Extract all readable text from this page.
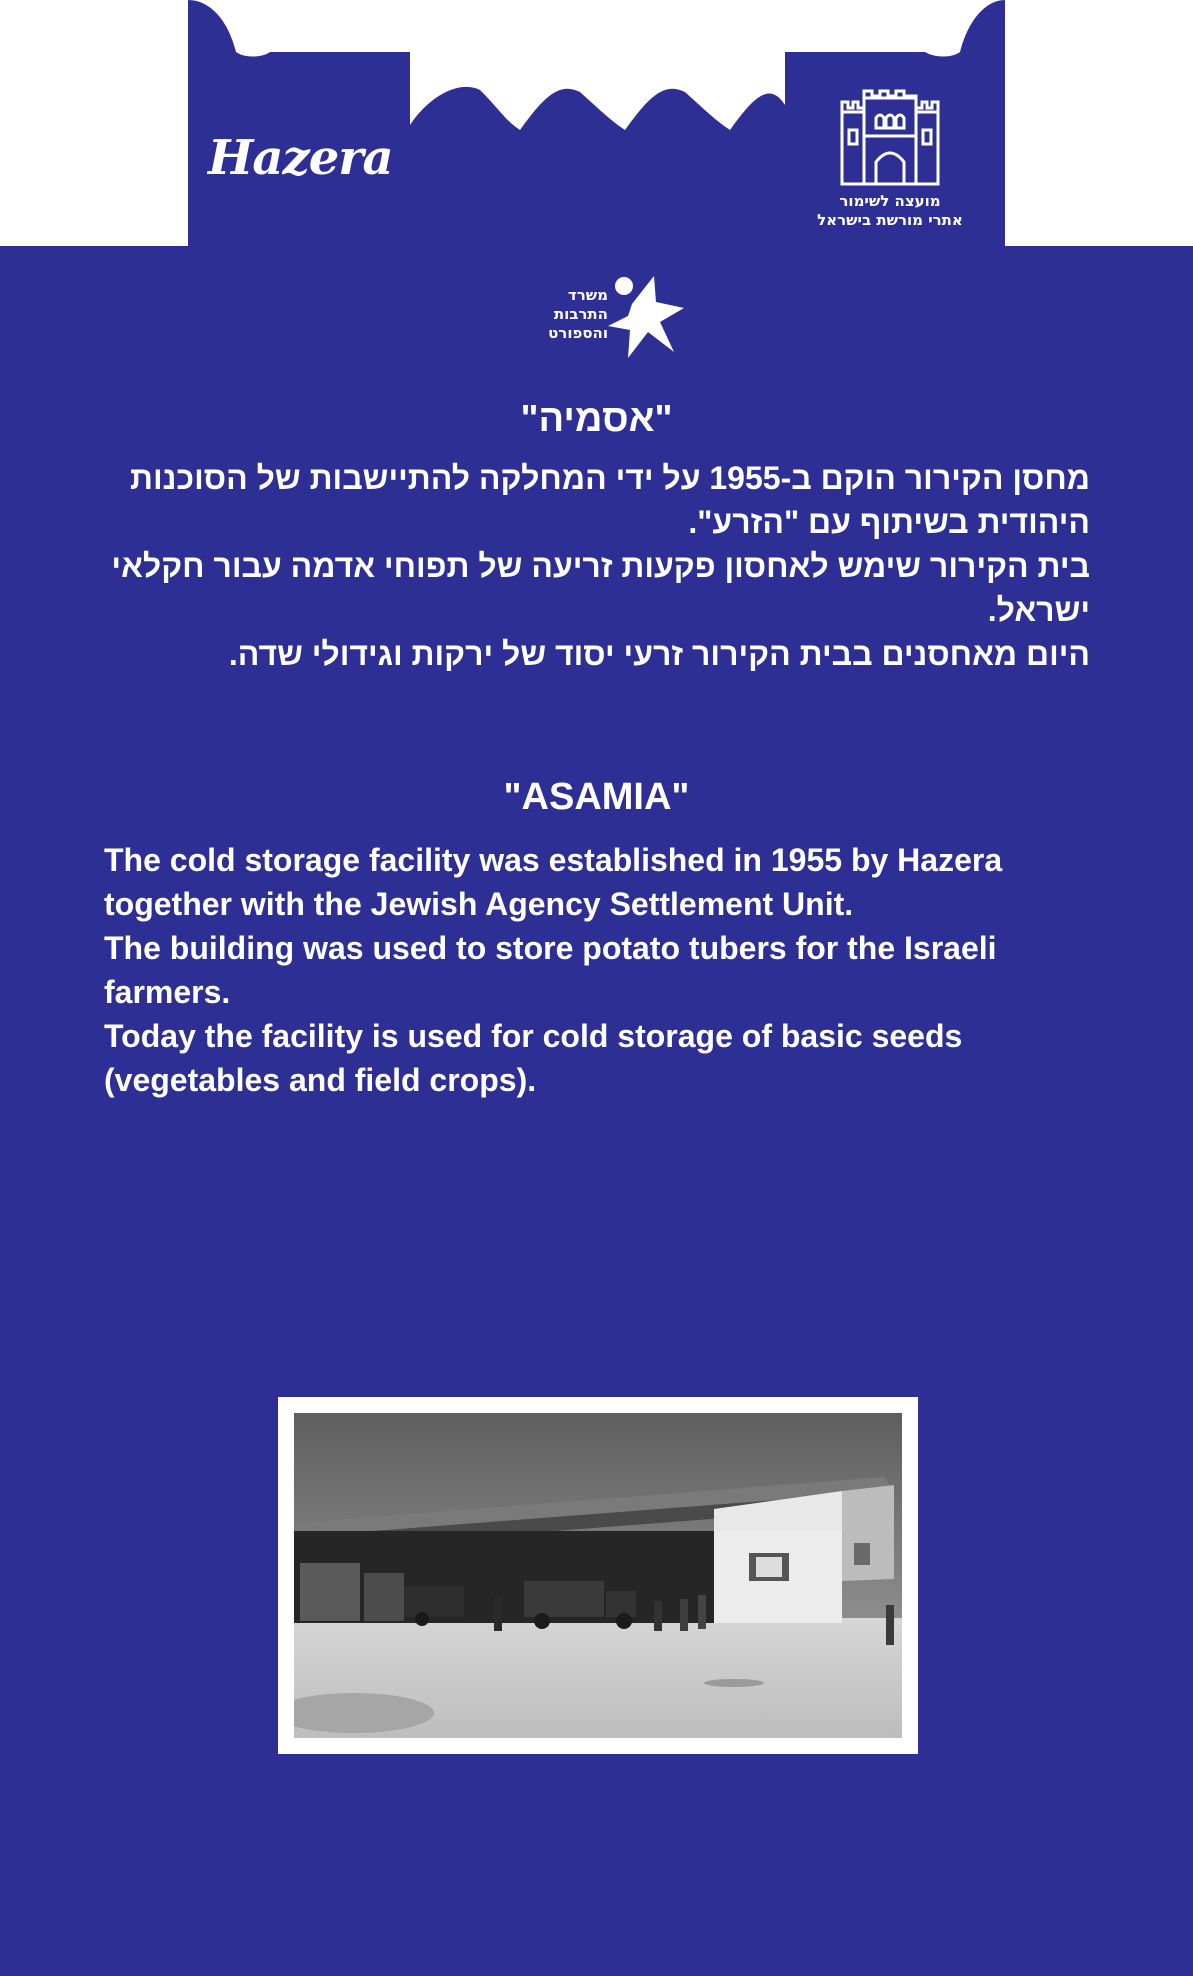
Hazera
מועצה לשימור
אתרי מורשת בישראל
משרד
התרבות
והספורט
"אסמיה"

מחסן הקירור הוקם ב-1955 על ידי המחלקה להתיישבות של הסוכנות היהודית בשיתוף עם "הזרע".

בית הקירור שימש לאחסון פקעות זריעה של תפוחי אדמה עבור חקלאי ישראל.

היום מאחסנים בבית הקירור זרעי יסוד של ירקות וגידולי שדה.

"ASAMIA"

The cold storage facility was established in 1955 by Hazera together with the Jewish Agency Settlement Unit.

The building was used to store potato tubers for the Israeli farmers.

Today the facility is used for cold storage of basic seeds (vegetables and field crops).
